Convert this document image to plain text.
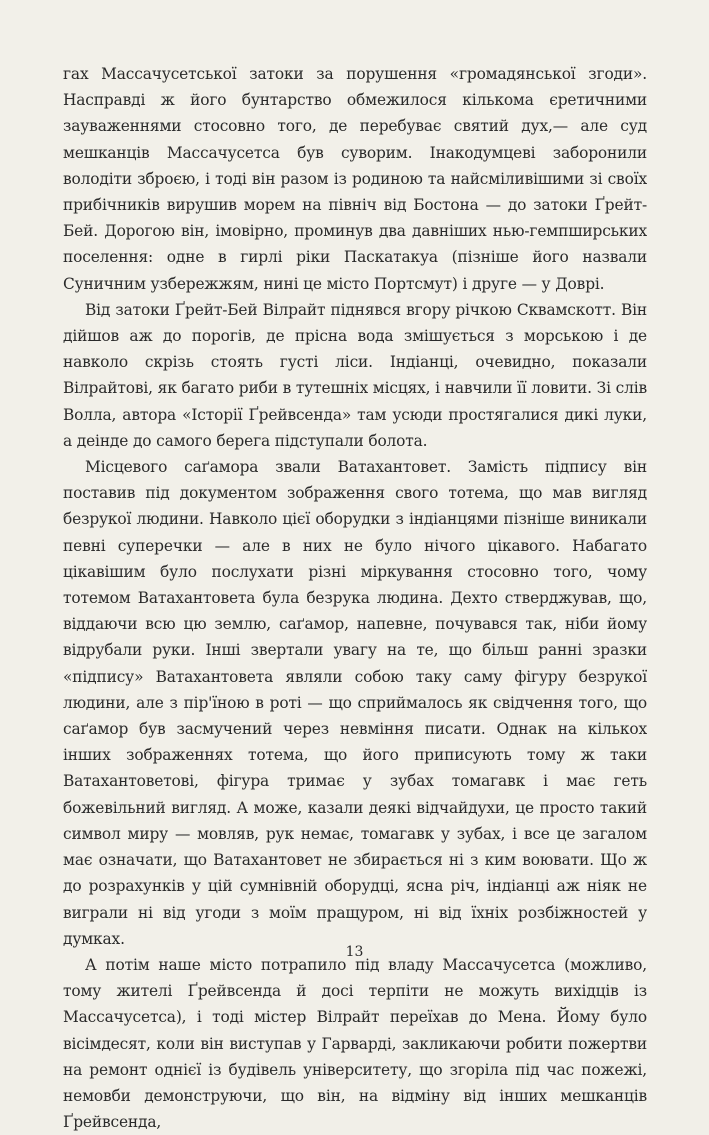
гах Массачусетської затоки за порушення «громадянської згоди». Насправді ж його бунтарство обмежилося кількома єретичними зауваженнями стосовно того, де перебуває святий дух,— але суд мешканців Массачусетса був суворим. Інакодумцеві заборонили володіти зброєю, і тоді він разом із родиною та найсміливішими зі своїх прибічників вирушив морем на північ від Бостона — до затоки Ґрейт-Бей. Дорогою він, імовірно, проминув два давніших нью-гемпширських поселення: одне в гирлі ріки Паскатакуа (пізніше його назвали Суничним узбережжям, нині це місто Портсмут) і друге — у Доврі.

Від затоки Ґрейт-Бей Вілрайт піднявся вгору річкою Сквамскотт. Він дійшов аж до порогів, де прісна вода змішується з морською і де навколо скрізь стоять густі ліси. Індіанці, очевидно, показали Вілрайтові, як багато риби в тутешніх місцях, і навчили її ловити. Зі слів Волла, автора «Історії Ґрейвсенда» там усюди простягалися дикі луки, а деінде до самого берега підступали болота.

Місцевого саґамора звали Ватахантовет. Замість підпису він поставив під документом зображення свого тотема, що мав вигляд безрукої людини. Навколо цієї оборудки з індіанцями пізніше виникали певні суперечки — але в них не було нічого цікавого. Набагато цікавішим було послухати різні міркування стосовно того, чому тотемом Ватахантовета була безрука людина. Дехто стверджував, що, віддаючи всю цю землю, саґамор, напевне, почувався так, ніби йому відрубали руки. Інші звертали увагу на те, що більш ранні зразки «підпису» Ватахантовета являли собою таку саму фігуру безрукої людини, але з пір'їною в роті — що сприймалось як свідчення того, що саґамор був засмучений через невміння писати. Однак на кількох інших зображеннях тотема, що його приписують тому ж таки Ватахантоветові, фігура тримає у зубах томагавк і має геть божевільний вигляд. А може, казали деякі відчайдухи, це просто такий символ миру — мовляв, рук немає, томагавк у зубах, і все це загалом має означати, що Ватахантовет не збирається ні з ким воювати. Що ж до розрахунків у цій сумнівній оборудці, ясна річ, індіанці аж ніяк не виграли ні від угоди з моїм пращуром, ні від їхніх розбіжностей у думках.

А потім наше місто потрапило під владу Массачусетса (можливо, тому жителі Ґрейвсенда й досі терпіти не можуть вихідців із Массачусетса), і тоді містер Вілрайт переїхав до Мена. Йому було вісімдесят, коли він виступав у Гарварді, закликаючи робити пожертви на ремонт однієї із будівель університету, що згоріла під час пожежі, немовби демонструючи, що він, на відміну від інших мешканців Ґрейвсенда,

13
